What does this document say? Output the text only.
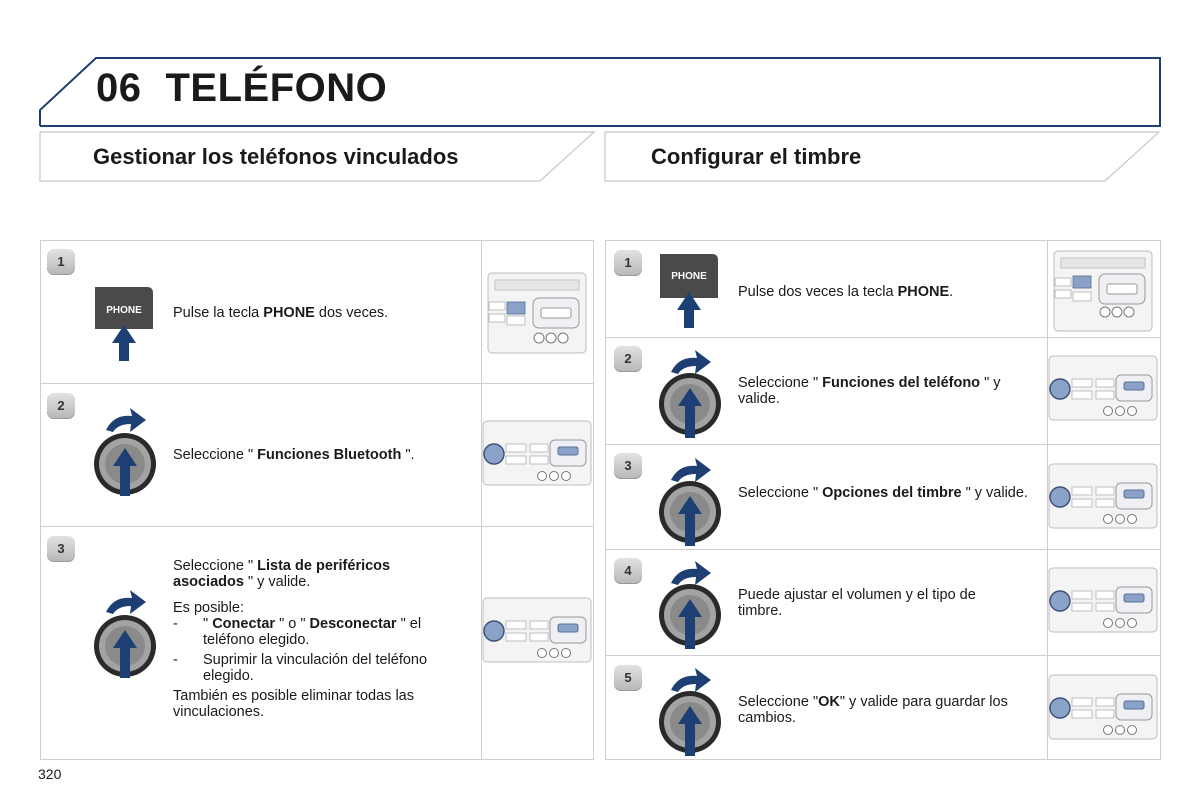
06 TELÉFONO
Gestionar los teléfonos vinculados	Configurar el timbre
1
PHONE Pulse la tecla PHONE dos veces.

2

Seleccione " Funciones Bluetooth ".

3

Seleccione " Lista de periféricos asociados " y valide.

Es posible:

- " Conectar " o " Desconectar " el teléfono elegido.
- Suprimir la vinculación del teléfono elegido.

También es posible eliminar todas las vinculaciones.

1
PHONE

Pulse dos veces la tecla PHONE.

2

Seleccione " Funciones del teléfono " y valide.

3

Seleccione " Opciones del timbre " y valide.

4

Puede ajustar el volumen y el tipo de timbre.

5

Seleccione "OK" y valide para guardar los cambios.

320
